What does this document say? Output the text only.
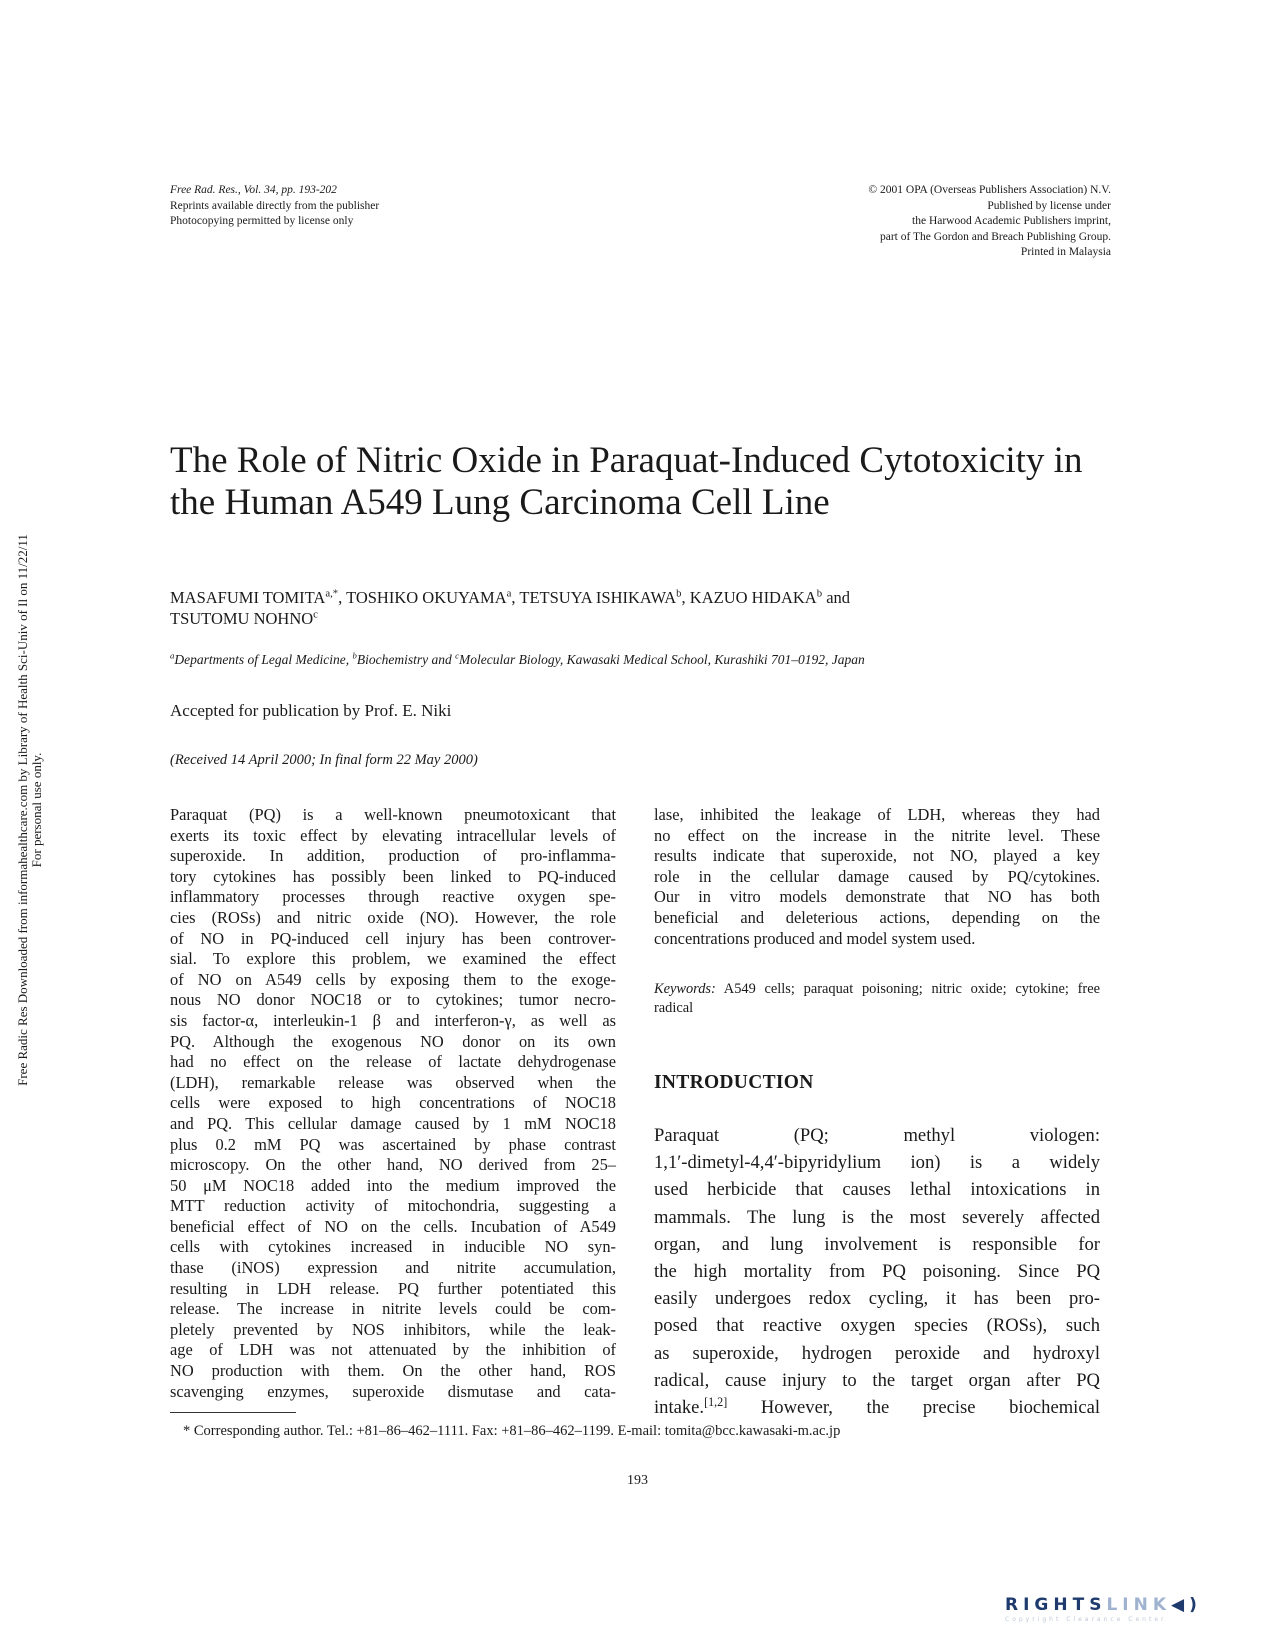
Free Rad. Res., Vol. 34, pp. 193-202
Reprints available directly from the publisher
Photocopying permitted by license only
© 2001 OPA (Overseas Publishers Association) N.V.
Published by license under
the Harwood Academic Publishers imprint,
part of The Gordon and Breach Publishing Group.
Printed in Malaysia
Free Radic Res Downloaded from informahealthcare.com by Library of Health Sci-Univ of Il on 11/22/11 For personal use only.
The Role of Nitric Oxide in Paraquat-Induced Cytotoxicity in the Human A549 Lung Carcinoma Cell Line
MASAFUMI $TOMITA^{a,*}$, TOSHIKO OKUYAMA$^a$, TETSUYA ISHIKAWA$^b$, KAZUO HIDAKA$^b$ and
TSUTOMU NOHNO$^c$
$^a$Departments of Legal Medicine, $^b$Biochemistry and $^c$Molecular Biology, Kawasaki Medical School, Kurashiki 701–0192, Japan
Accepted for publication by Prof. E. Niki
(Received 14 April 2000; In final form 22 May 2000)
Paraquat (PQ) is a well-known pneumotoxicant that
exerts its toxic effect by elevating intracellular levels of
superoxide. In addition, production of pro-inflamma-
tory cytokines has possibly been linked to PQ-induced
inflammatory processes through reactive oxygen spe-
cies (ROSs) and nitric oxide (NO). However, the role
of NO in PQ-induced cell injury has been controver-
sial. To explore this problem, we examined the effect
of NO on A549 cells by exposing them to the exoge-
nous NO donor NOC18 or to cytokines; tumor necro-
sis factor-α, interleukin-1 β and interferon-γ, as well as
PQ. Although the exogenous NO donor on its own
had no effect on the release of lactate dehydrogenase
(LDH), remarkable release was observed when the
cells were exposed to high concentrations of NOC18
and PQ. This cellular damage caused by 1 mM NOC18
plus 0.2 mM PQ was ascertained by phase contrast
microscopy. On the other hand, NO derived from 25–
50 μM NOC18 added into the medium improved the
MTT reduction activity of mitochondria, suggesting a
beneficial effect of NO on the cells. Incubation of A549
cells with cytokines increased in inducible NO syn-
thase (iNOS) expression and nitrite accumulation,
resulting in LDH release. PQ further potentiated this
release. The increase in nitrite levels could be com-
pletely prevented by NOS inhibitors, while the leak-
age of LDH was not attenuated by the inhibition of
NO production with them. On the other hand, ROS
scavenging enzymes, superoxide dismutase and cata-
lase, inhibited the leakage of LDH, whereas they had
no effect on the increase in the nitrite level. These
results indicate that superoxide, not NO, played a key
role in the cellular damage caused by PQ/cytokines.
Our in vitro models demonstrate that NO has both
beneficial and deleterious actions, depending on the
concentrations produced and model system used.
Keywords: A549 cells; paraquat poisoning; nitric oxide; cytokine; free radical
INTRODUCTION
Paraquat (PQ; methyl viologen:
1,1′-dimetyl-4,4′-bipyridylium ion) is a widely
used herbicide that causes lethal intoxications in
mammals. The lung is the most severely affected
organ, and lung involvement is responsible for
the high mortality from PQ poisoning. Since PQ
easily undergoes redox cycling, it has been pro-
posed that reactive oxygen species (ROSs), such
as superoxide, hydrogen peroxide and hydroxyl
radical, cause injury to the target organ after PQ
intake.[1,2] However, the precise biochemical
* Corresponding author. Tel.: +81–86–462–1111. Fax: +81–86–462–1199. E-mail: tomita@bcc.kawasaki-m.ac.jp
193
RIGHTSLINK◀)
Copyright Clearance Center
